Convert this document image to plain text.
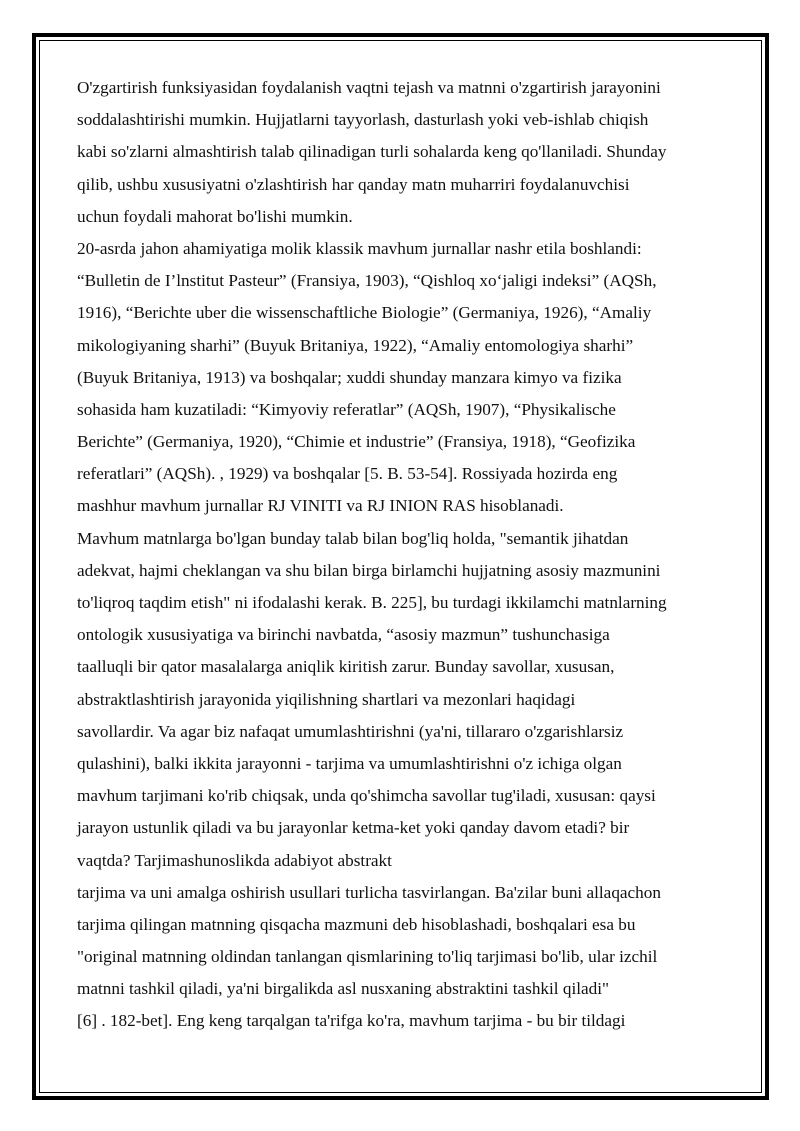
O'zgartirish funksiyasidan foydalanish vaqtni tejash va matnni o'zgartirish jarayonini
soddalashtirishi mumkin. Hujjatlarni tayyorlash, dasturlash yoki veb-ishlab chiqish
kabi so'zlarni almashtirish talab qilinadigan turli sohalarda keng qo'llaniladi. Shunday
qilib, ushbu xususiyatni o'zlashtirish har qanday matn muharriri foydalanuvchisi
uchun foydali mahorat bo'lishi mumkin.
20-asrda jahon ahamiyatiga molik klassik mavhum jurnallar nashr etila boshlandi:
“Bulletin de I’lnstitut Pasteur” (Fransiya, 1903), “Qishloq xoʻjaligi indeksi” (AQSh,
1916), “Berichte uber die wissenschaftliche Biologie” (Germaniya, 1926), “Amaliy
mikologiyaning sharhi” (Buyuk Britaniya, 1922), “Amaliy entomologiya sharhi”
(Buyuk Britaniya, 1913) va boshqalar; xuddi shunday manzara kimyo va fizika
sohasida ham kuzatiladi: “Kimyoviy referatlar” (AQSh, 1907), “Physikalische
Berichte” (Germaniya, 1920), “Chimie et industrie” (Fransiya, 1918), “Geofizika
referatlari” (AQSh). , 1929) va boshqalar [5. B. 53-54]. Rossiyada hozirda eng
mashhur mavhum jurnallar RJ VINITI va RJ INION RAS hisoblanadi.
Mavhum matnlarga bo'lgan bunday talab bilan bog'liq holda, "semantik jihatdan
adekvat, hajmi cheklangan va shu bilan birga birlamchi hujjatning asosiy mazmunini
to'liqroq taqdim etish" ni ifodalashi kerak. B. 225], bu turdagi ikkilamchi matnlarning
ontologik xususiyatiga va birinchi navbatda, “asosiy mazmun” tushunchasiga
taalluqli bir qator masalalarga aniqlik kiritish zarur. Bunday savollar, xususan,
abstraktlashtirish jarayonida yiqilishning shartlari va mezonlari haqidagi
savollardir. Va agar biz nafaqat umumlashtirishni (ya'ni, tillararo o'zgarishlarsiz
qulashini), balki ikkita jarayonni - tarjima va umumlashtirishni o'z ichiga olgan
mavhum tarjimani ko'rib chiqsak, unda qo'shimcha savollar tug'iladi, xususan: qaysi
jarayon ustunlik qiladi va bu jarayonlar ketma-ket yoki qanday davom etadi? bir
vaqtda? Tarjimashunoslikda adabiyot abstrakt
tarjima va uni amalga oshirish usullari turlicha tasvirlangan. Ba'zilar buni allaqachon
tarjima qilingan matnning qisqacha mazmuni deb hisoblashadi, boshqalari esa bu
"original matnning oldindan tanlangan qismlarining to'liq tarjimasi bo'lib, ular izchil
matnni tashkil qiladi, ya'ni birgalikda asl nusxaning abstraktini tashkil qiladi"
[6] . 182-bet]. Eng keng tarqalgan ta'rifga ko'ra, mavhum tarjima - bu bir tildagi
